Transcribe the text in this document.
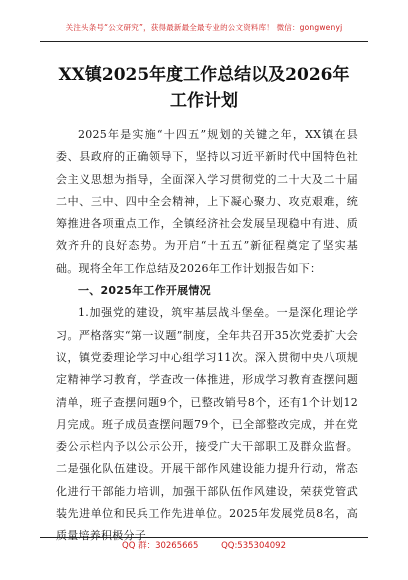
关注头条号“公文研究”，获得最新最全最专业的公文资料库！ 微信：gongwenyj
XX镇2025年度工作总结以及2026年工作计划

2025年是实施“十四五”规划的关键之年，XX镇在县委、县政府的正确领导下，坚持以习近平新时代中国特色社会主义思想为指导，全面深入学习贯彻党的二十大及二十届二中、三中、四中全会精神，上下凝心聚力、攻克艰难，统筹推进各项重点工作，全镇经济社会发展呈现稳中有进、质效齐升的良好态势。为开启“十五五”新征程奠定了坚实基础。现将全年工作总结及2026年工作计划报告如下：

一、2025年工作开展情况

1.加强党的建设，筑牢基层战斗堡垒。一是深化理论学习。严格落实“第一议题”制度，全年共召开35次党委扩大会议，镇党委理论学习中心组学习11次。深入贯彻中央八项规定精神学习教育，学查改一体推进，形成学习教育查摆问题清单，班子查摆问题9个，已整改销号8个，还有1个计划12月完成。班子成员查摆问题79个，已全部整改完成，并在党委公示栏内予以公示公开，接受广大干部职工及群众监督。二是强化队伍建设。开展干部作风建设能力提升行动，常态化进行干部能力培训，加强干部队伍作风建设，荣获党管武装先进单位和民兵工作先进单位。2025年发展党员8名，高质量培养积极分子

QQ 群：30265665	QQ:535304092
